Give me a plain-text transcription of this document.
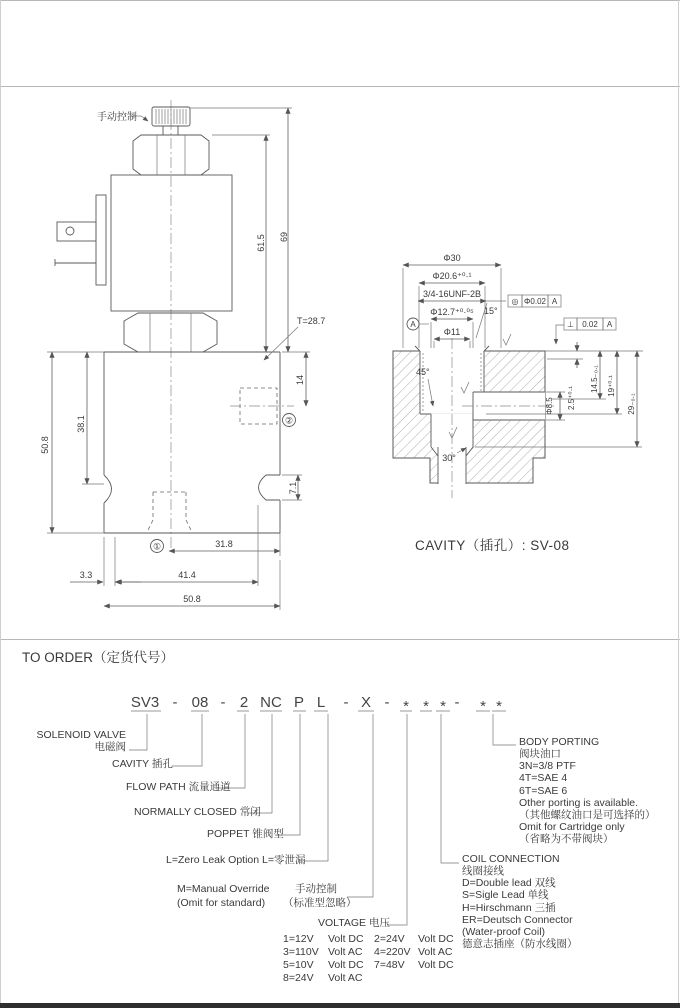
②
①
61.5 69
50.8
38.1
14
7.1
31.8
3.3	41.4
50.8
T=28.7
手动控制
Φ30
Φ20.6⁺⁰·¹
3/4-16UNF-2B
Φ12.7⁺⁰·⁰⁵
Φ11
15°
A
◎ Φ0.02 A
⊥ 0.02 A
2.5⁺⁰·¹
14.5₋₀.₁ 19⁺⁰·¹
29₋₀.₁
Φ8.5
45°
30°
CAVITY（插孔）: SV-08
TO ORDER（定货代号）
SV3 - 08 - 2 NC P L - X - * * * - * *
SOLENOID VALVE
电磁阀
CAVITY 插孔
FLOW PATH 流量通道
NORMALLY CLOSED 常闭
POPPET 锥阀型
L=Zero Leak Option L=零泄漏
M=Manual Override
(Omit for standard)
手动控制
（标准型忽略）
VOLTAGE 电压
1=12V	Volt DC 2=24V	Volt DC
3=110V Volt AC	4=220V Volt AC
5=10V	Volt DC 7=48V	Volt DC
8=24V	Volt AC
COIL CONNECTION
线圈接线
D=Double lead 双线
S=Sigle Lead 单线
H=Hirschmann 三插
ER=Deutsch Connector
(Water-proof Coil)
德意志插座（防水线圈）
BODY PORTING
阀块油口
3N=3/8 PTF
4T=SAE 4
6T=SAE 6
Other porting is available.
（其他螺纹油口是可选择的）
Omit for Cartridge only
（省略为不带阀块）
